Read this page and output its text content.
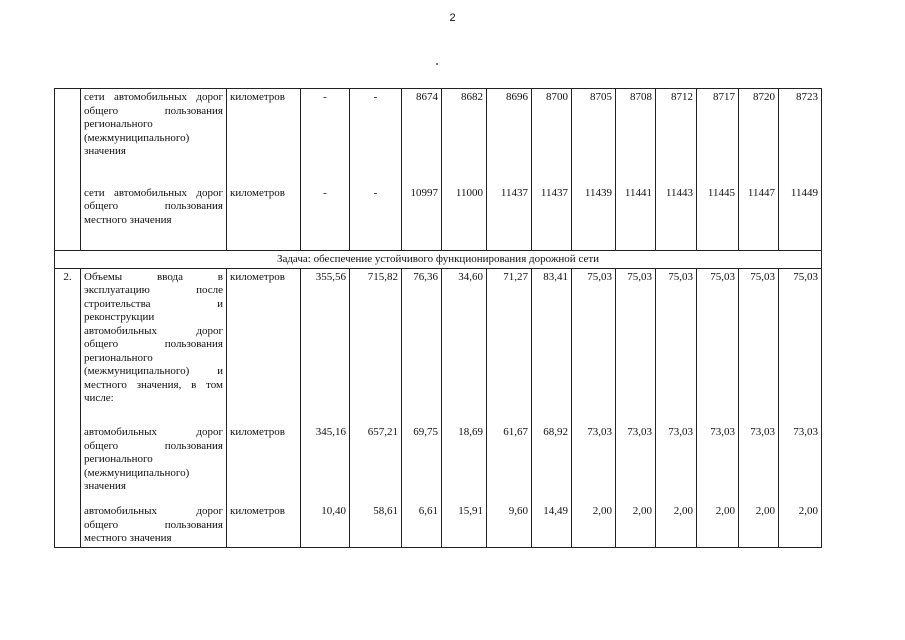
2
	сети автомобильных дорог общего пользования регионального (межмуниципального) значения	километров	-	-	8674	8682	8696	8700	8705	8708	8712	8717	8720	8723
	сети автомобильных дорог общего пользования местного значения	километров	-	-	10997	11000	11437	11437	11439	11441	11443	11445	11447	11449
Задача: обеспечение устойчивого функционирования дорожной сети														
2.	Объемы ввода в эксплуатацию после строительства и реконструкции автомобильных дорог общего пользования регионального (межмуниципального) и местного значения, в том числе:	километров	355,56	715,82	76,36	34,60	71,27	83,41	75,03	75,03	75,03	75,03	75,03	75,03
	автомобильных дорог общего пользования регионального (межмуниципального) значения	километров	345,16	657,21	69,75	18,69	61,67	68,92	73,03	73,03	73,03	73,03	73,03	73,03
	автомобильных дорог общего пользования местного значения	километров	10,40	58,61	6,61	15,91	9,60	14,49	2,00	2,00	2,00	2,00	2,00	2,00
